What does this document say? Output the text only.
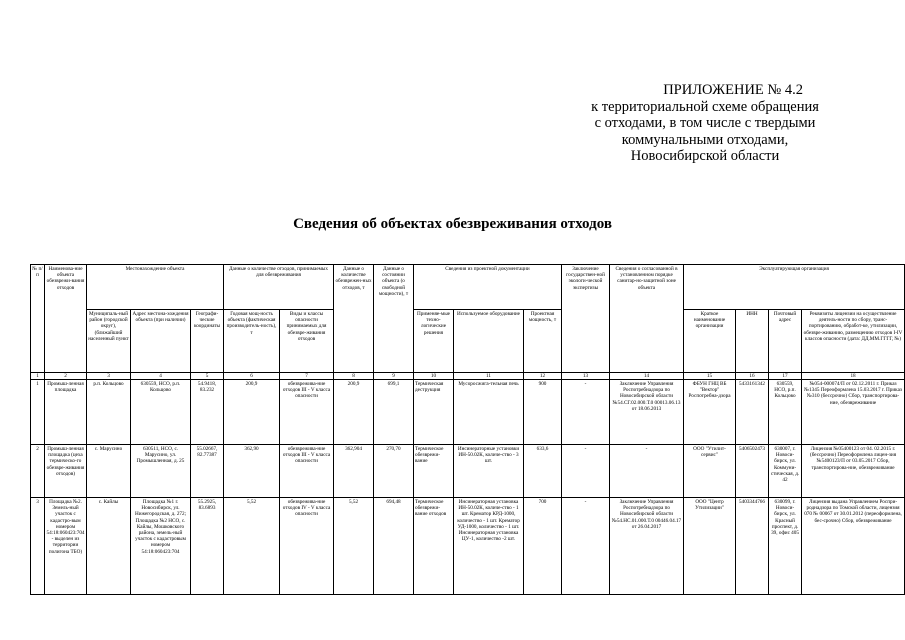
ПРИЛОЖЕНИЕ № 4.2
к территориальной схеме обращения
с отходами, в том числе с твердыми
коммунальными отходами,
Новосибирской области
Сведения об объектах обезвреживания отходов
№ п/п	Наименова-ние объекта обезврежи-вания отходов	Местонахождение объекта			Данные о количестве отходов, принимаемых для обезвреживания		Данные о количестве обезврежен-ных отходов, т	Данные о состоянии объекта (о свободной мощности), т	Сведения из проектной документации			Заключение государствен-ной экологи-ческой экспертизы	Сведения о согласованной в установленном порядке санитар-но-защитной зоне объекта	Эксплуатирующая организация			
		Муниципаль-ный район (городской округ), (ближайший населенный пункт	Адрес местона-хождения объекта (при наличии)	Географи-ческие координаты	Годовая мощ-ность объекта (фактическая производитель-ность), т	Виды и классы опасности принимаемых для обезвре-живания отходов			Применяе-мые техно-логические решения	Используемое оборудование	Проектная мощность, т			Краткое наименование организации	ИНН	Почтовый адрес	Реквизиты лицензии на осуществление деятель-ности по сбору, транс-портированию, обработ-ке, утилизации, обезвре-живанию, размещению отходов I-IV классов опасности (дата: ДД.ММ.ГГГГ, №)
1	2	3	4	5	6	7	8	9	10	11	12	13	14	15	16	17	18
1	Промыш-ленная площадка	р.п. Кольцово	630559, НСО, р.п. Кольцово	54.9418, 83.232	200,9	обезврежива-ние отходов III - V класса опасности	200,9	699,1	Термическая деструкция	Мусоросжига-тельная печь	900	-	Заключение Управления Роспотребнадзора по Новосибирской области №54.СГ.02.000.Т.0 00013.06.13 от 18.06.2013	ФБУН ГНЦ ВБ "Вектор" Роспотребна-дзора	5433161342	630559, НСО, р.п. Кольцово	№054-000074/П от 02.12.2011 г. Приказ №1345 Переоформлена 15.03.2017 г. Приказ №310 (бессрочно) Сбор, транспортирова-ние, обезвреживание
2	Промыш-ленная площадка (цеха термическо-го обезвре-живания отходов)	с. Марусино	630511, НСО, с. Марусино, ул. Промышленная, д. 25	55.02667, 82.77387	362,90	обезврежива-ние отходов III - V класса опасности	362,904	270,70	Термическое обезврежи-вание	Инсинераторные установки ИН-50.02К, количе-ство - 3 шт.	633,6	-	-	ООО "Утилит-сервис"	5406502473	630007, г. Новоси-бирск, ул. Коммуни-стическая, д. 42	Лицензия №05400123 от 04. 02.2015 г. (бессрочно) Переоформлена лицен-зия №5400123/П от 03.05.2017 Сбор, транспортирова-ние, обезвреживание
3	Площадка №2. Земель-ный участок с кадастро-вым номером 54:18:060423:704 - выделен из территории полигона ТБО)	с. Кайлы	Площадка №1 г. Новосибирск, ул. Нижегородская, д. 272; Площадка №2 НСО, с. Кайлы, Мошковского района, земель-ный участок с кадастровым номером 54:18:060423:704	55.2925, 83.6893	5,52	обезврежива-ние отходов IV - V класса опасности	5,52	694,48	Термическое обезврежи-вание отходов	Инсинераторная установка ИН-50.02К, количе-ство - 1 шт. Крематор КРД-1000, количество - 1 шт. Крематор УД-1000, количество - 1 шт. Инсинераторная установка ЦУ-1, количество -2 шт.	700	-	Заключение Управления Роспотребнадзора по Новосибирской области №54.НС.01.000.Т.0 00446.04.17 от 26.04.2017	ООО "Центр Утилизации"	5403344766	630099, г. Новоси-бирск, ул. Красный проспект, д. 39, офис 405	Лицензия выдана Управлением Роспри-роднадзора по Томской области, лицензия 070 № 00067 от 30.01.2012 (переоформлена, бес-срочно) Сбор, обезвреживание
